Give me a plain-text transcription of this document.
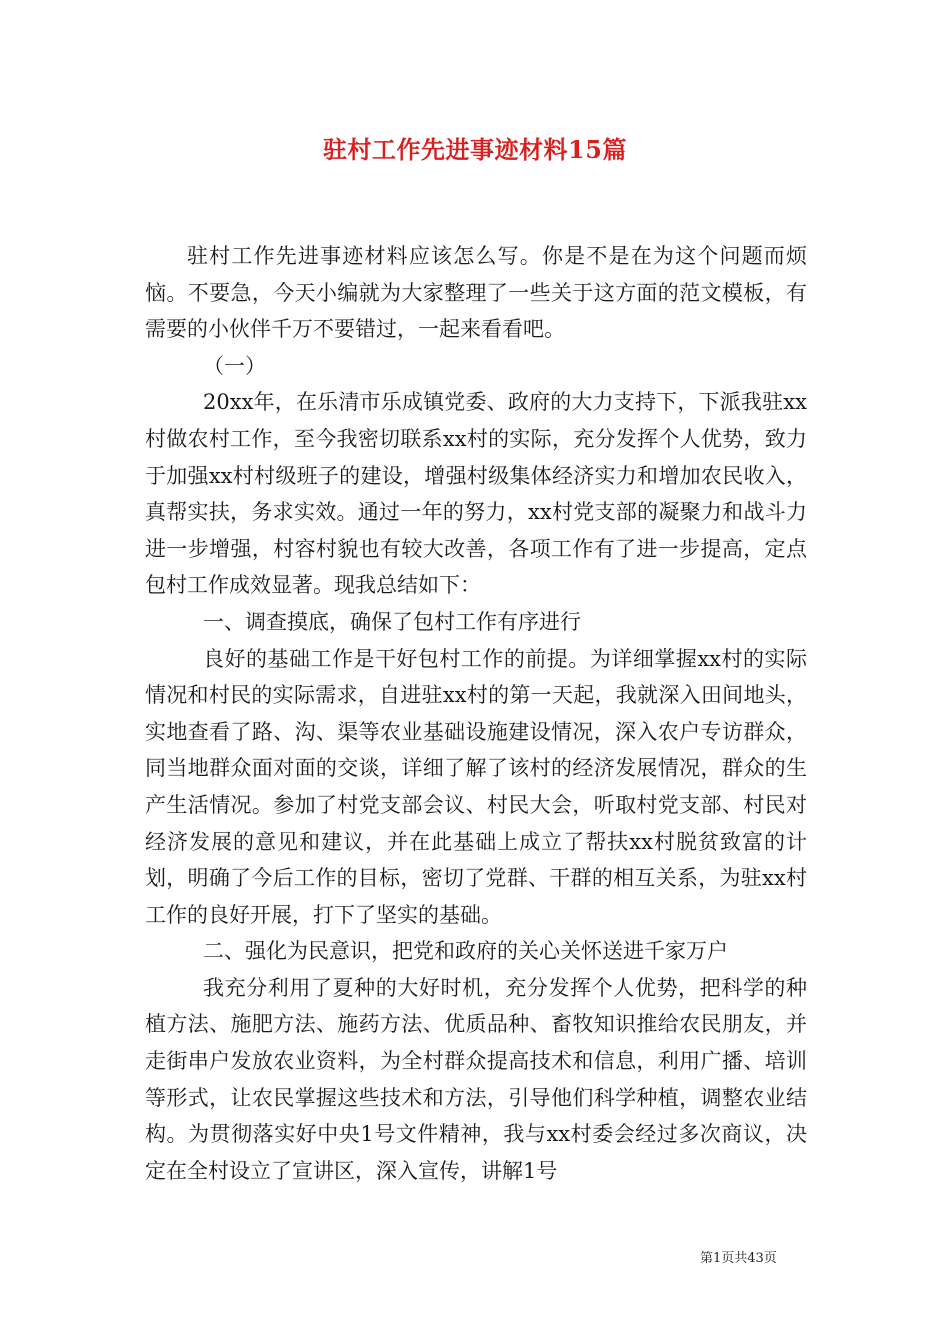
驻村工作先进事迹材料15篇

驻村工作先进事迹材料应该怎么写。你是不是在为这个问题而烦恼。不要急，今天小编就为大家整理了一些关于这方面的范文模板，有需要的小伙伴千万不要错过，一起来看看吧。

（一）

20xx年，在乐清市乐成镇党委、政府的大力支持下，下派我驻xx村做农村工作，至今我密切联系xx村的实际，充分发挥个人优势，致力于加强xx村村级班子的建设，增强村级集体经济实力和增加农民收入，真帮实扶，务求实效。通过一年的努力，xx村党支部的凝聚力和战斗力进一步增强，村容村貌也有较大改善，各项工作有了进一步提高，定点包村工作成效显著。现我总结如下：

一、调查摸底，确保了包村工作有序进行

良好的基础工作是干好包村工作的前提。为详细掌握xx村的实际情况和村民的实际需求，自进驻xx村的第一天起，我就深入田间地头，实地查看了路、沟、渠等农业基础设施建设情况，深入农户专访群众，同当地群众面对面的交谈，详细了解了该村的经济发展情况，群众的生产生活情况。参加了村党支部会议、村民大会，听取村党支部、村民对经济发展的意见和建议，并在此基础上成立了帮扶xx村脱贫致富的计划，明确了今后工作的目标，密切了党群、干群的相互关系，为驻xx村工作的良好开展，打下了坚实的基础。

二、强化为民意识，把党和政府的关心关怀送进千家万户

我充分利用了夏种的大好时机，充分发挥个人优势，把科学的种植方法、施肥方法、施药方法、优质品种、畜牧知识推给农民朋友，并走街串户发放农业资料，为全村群众提高技术和信息，利用广播、培训等形式，让农民掌握这些技术和方法，引导他们科学种植，调整农业结构。为贯彻落实好中央1号文件精神，我与xx村委会经过多次商议，决定在全村设立了宣讲区，深入宣传，讲解1号

第1页共43页
